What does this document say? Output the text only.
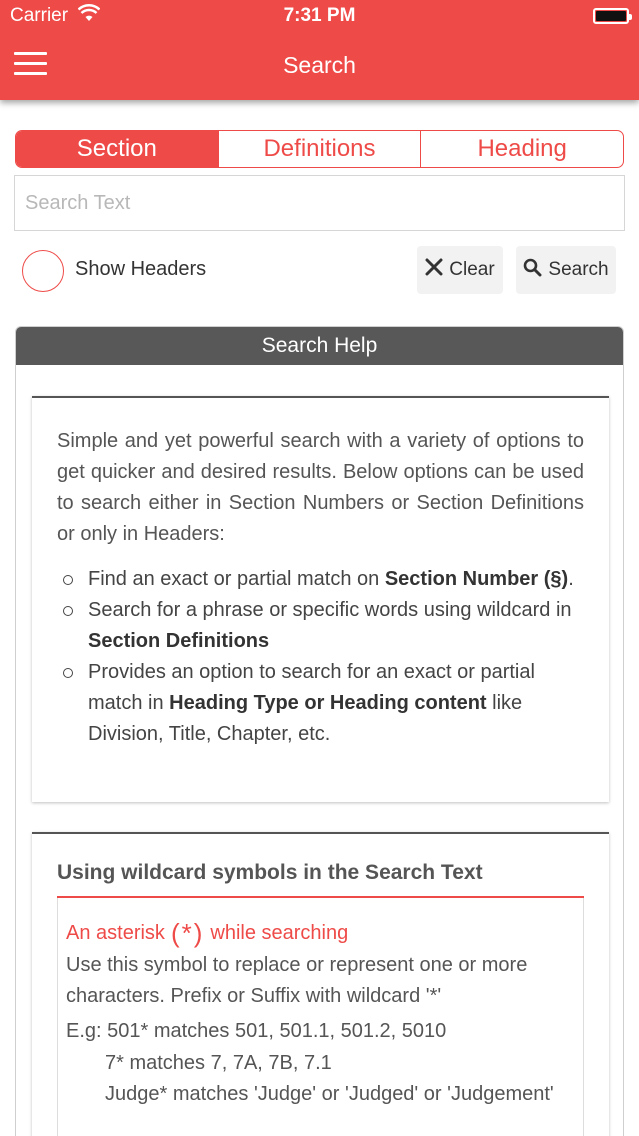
Carrier	7:31 PM
Search
Section	Definitions	Heading
Search Text
Show Headers	Clear	Search
Search Help

Simple and yet powerful search with a variety of options to get quicker and desired results. Below options can be used to search either in Section Numbers or Section Definitions or only in Headers:

Find an exact or partial match on Section Number (§).
Search for a phrase or specific words using wildcard in Section Definitions
Provides an option to search for an exact or partial match in Heading Type or Heading content like Division, Title, Chapter, etc.
Using wildcard symbols in the Search Text
An asterisk (*) while searching

Use this symbol to replace or represent one or more characters. Prefix or Suffix with wildcard '*'

E.g: 501* matches 501, 501.1, 501.2, 5010
7* matches 7, 7A, 7B, 7.1
Judge* matches 'Judge' or 'Judged' or 'Judgement'
